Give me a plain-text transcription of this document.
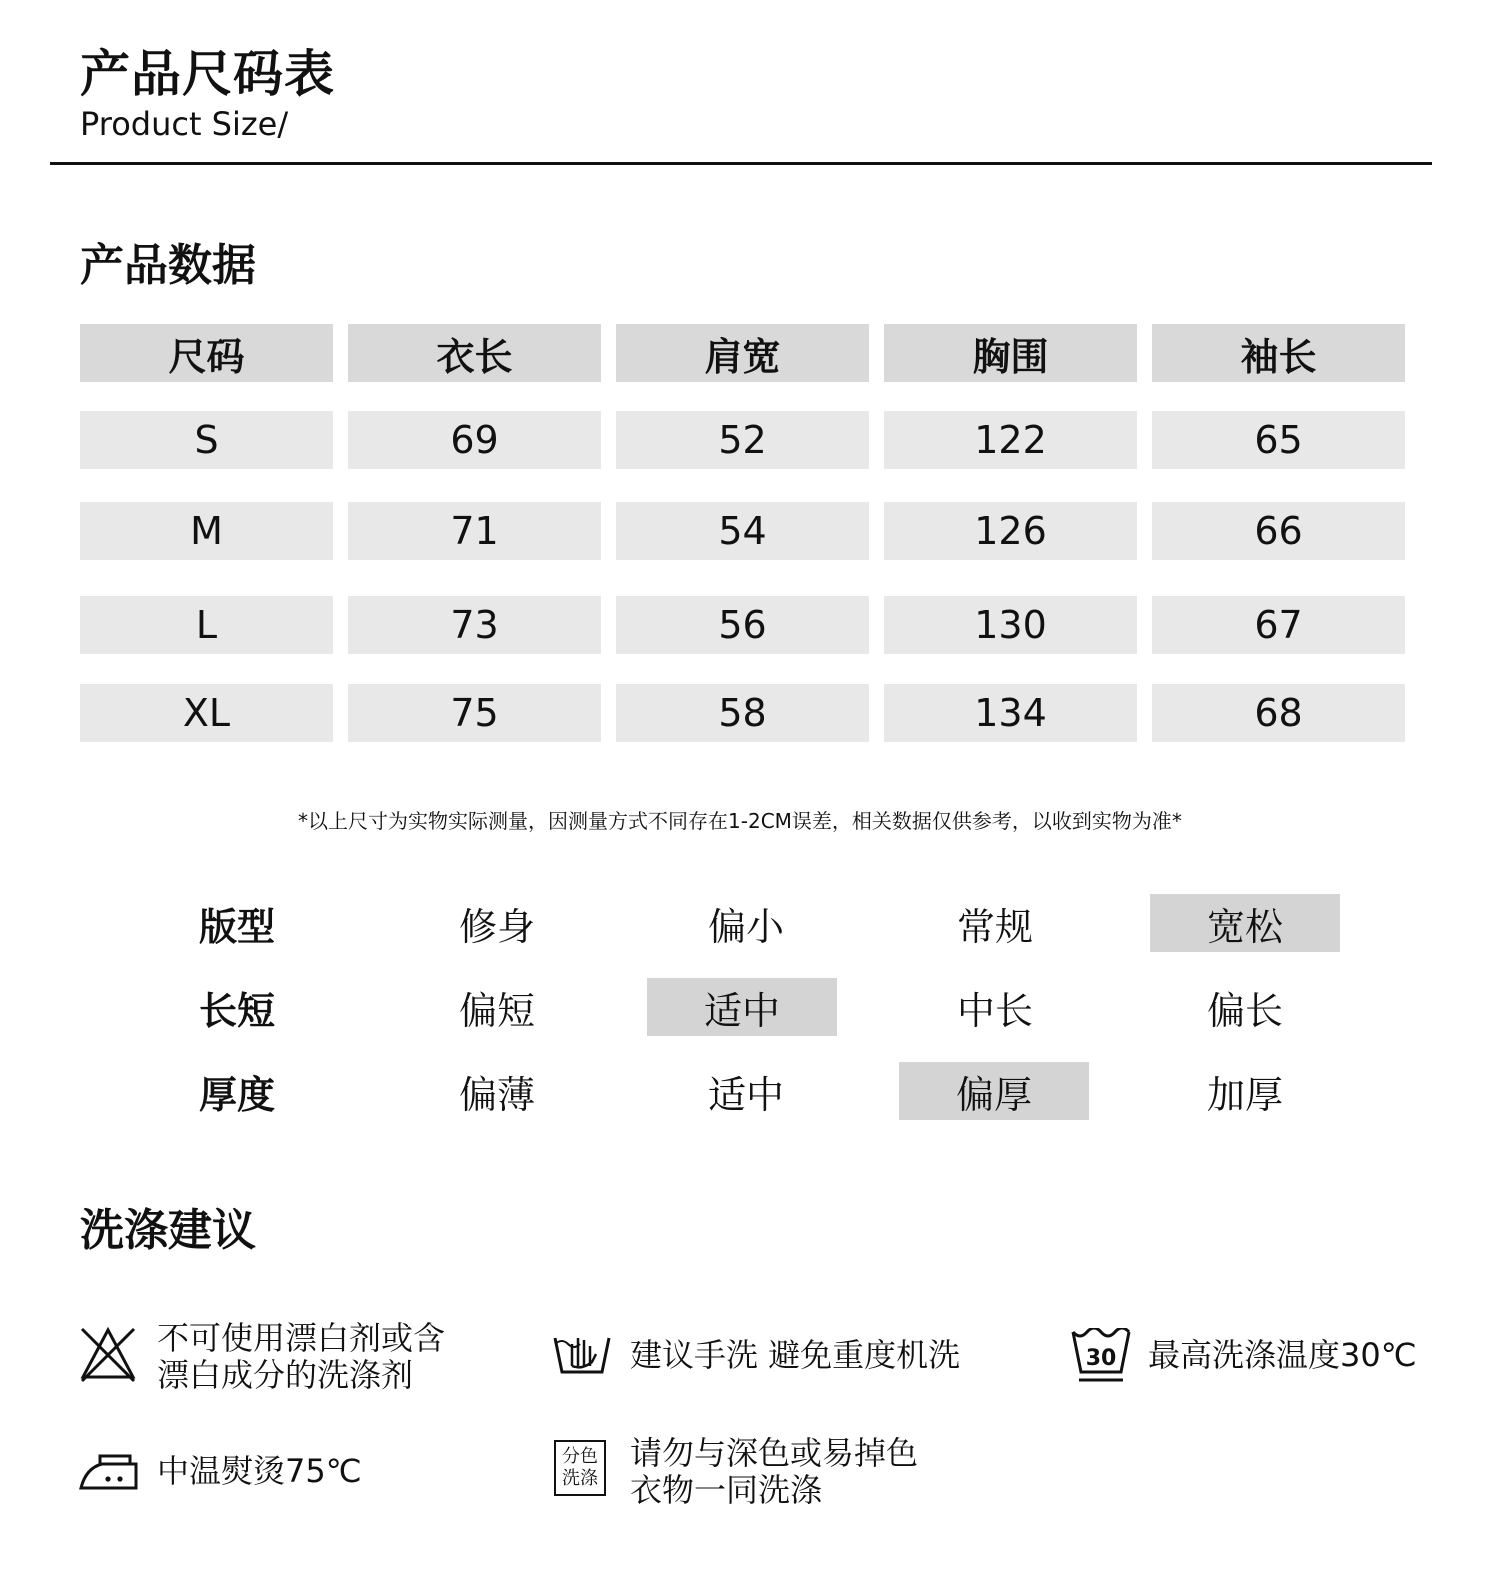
产品尺码表
Product Size/
产品数据
尺码	衣长	肩宽	胸围	袖长
S	69	52	122	65
M	71	54	126	66
L	73	56	130	67
XL	75	58	134	68
*以上尺寸为实物实际测量，因测量方式不同存在1-2CM误差，相关数据仅供参考，以收到实物为准*
版型	修身	偏小	常规	宽松
长短	偏短	适中	中长	偏长
厚度	偏薄	适中	偏厚	加厚
洗涤建议
不可使用漂白剂或含
漂白成分的洗涤剂
建议手洗 避免重度机洗	30 最高洗涤温度30℃
中温熨烫75℃	分色
洗涤
请勿与深色或易掉色
衣物一同洗涤
